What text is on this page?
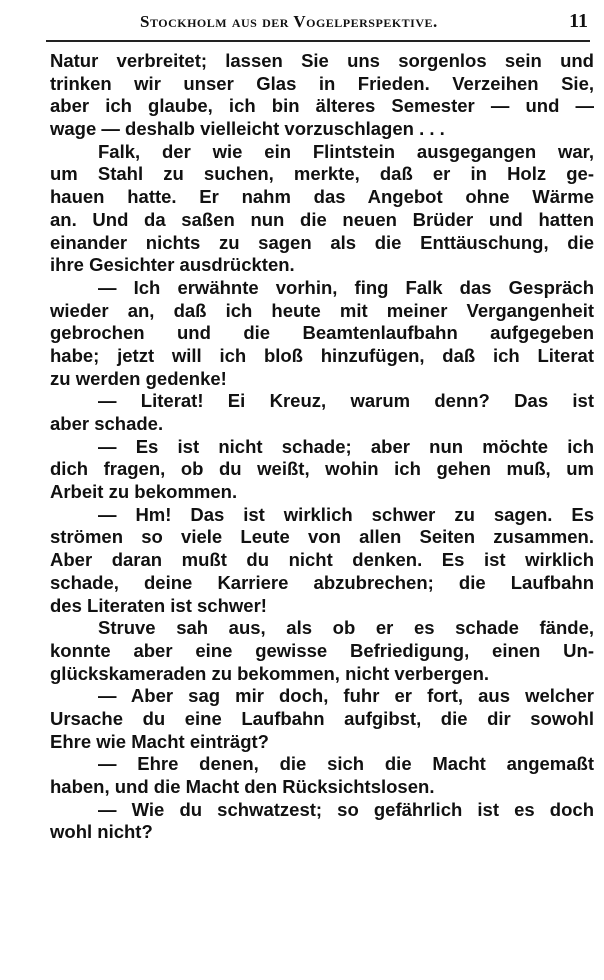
Stockholm aus der Vogelperspektive.	11
Natur verbreitet; lassen Sie uns sorgenlos sein und
trinken wir unser Glas in Frieden. Verzeihen Sie,
aber ich glaube, ich bin älteres Semester — und —
wage — deshalb vielleicht vorzuschlagen . . .
Falk, der wie ein Flintstein ausgegangen war,
um Stahl zu suchen, merkte, daß er in Holz ge-
hauen hatte. Er nahm das Angebot ohne Wärme
an. Und da saßen nun die neuen Brüder und hatten
einander nichts zu sagen als die Enttäuschung, die
ihre Gesichter ausdrückten.
— Ich erwähnte vorhin, fing Falk das Gespräch
wieder an, daß ich heute mit meiner Vergangenheit
gebrochen und die Beamtenlaufbahn aufgegeben
habe; jetzt will ich bloß hinzufügen, daß ich Literat
zu werden gedenke!
— Literat! Ei Kreuz, warum denn? Das ist
aber schade.
— Es ist nicht schade; aber nun möchte ich
dich fragen, ob du weißt, wohin ich gehen muß, um
Arbeit zu bekommen.
— Hm! Das ist wirklich schwer zu sagen. Es
strömen so viele Leute von allen Seiten zusammen.
Aber daran mußt du nicht denken. Es ist wirklich
schade, deine Karriere abzubrechen; die Laufbahn
des Literaten ist schwer!
Struve sah aus, als ob er es schade fände,
konnte aber eine gewisse Befriedigung, einen Un-
glückskameraden zu bekommen, nicht verbergen.
— Aber sag mir doch, fuhr er fort, aus welcher
Ursache du eine Laufbahn aufgibst, die dir sowohl
Ehre wie Macht einträgt?
— Ehre denen, die sich die Macht angemaßt
haben, und die Macht den Rücksichtslosen.
— Wie du schwatzest; so gefährlich ist es doch
wohl nicht?
